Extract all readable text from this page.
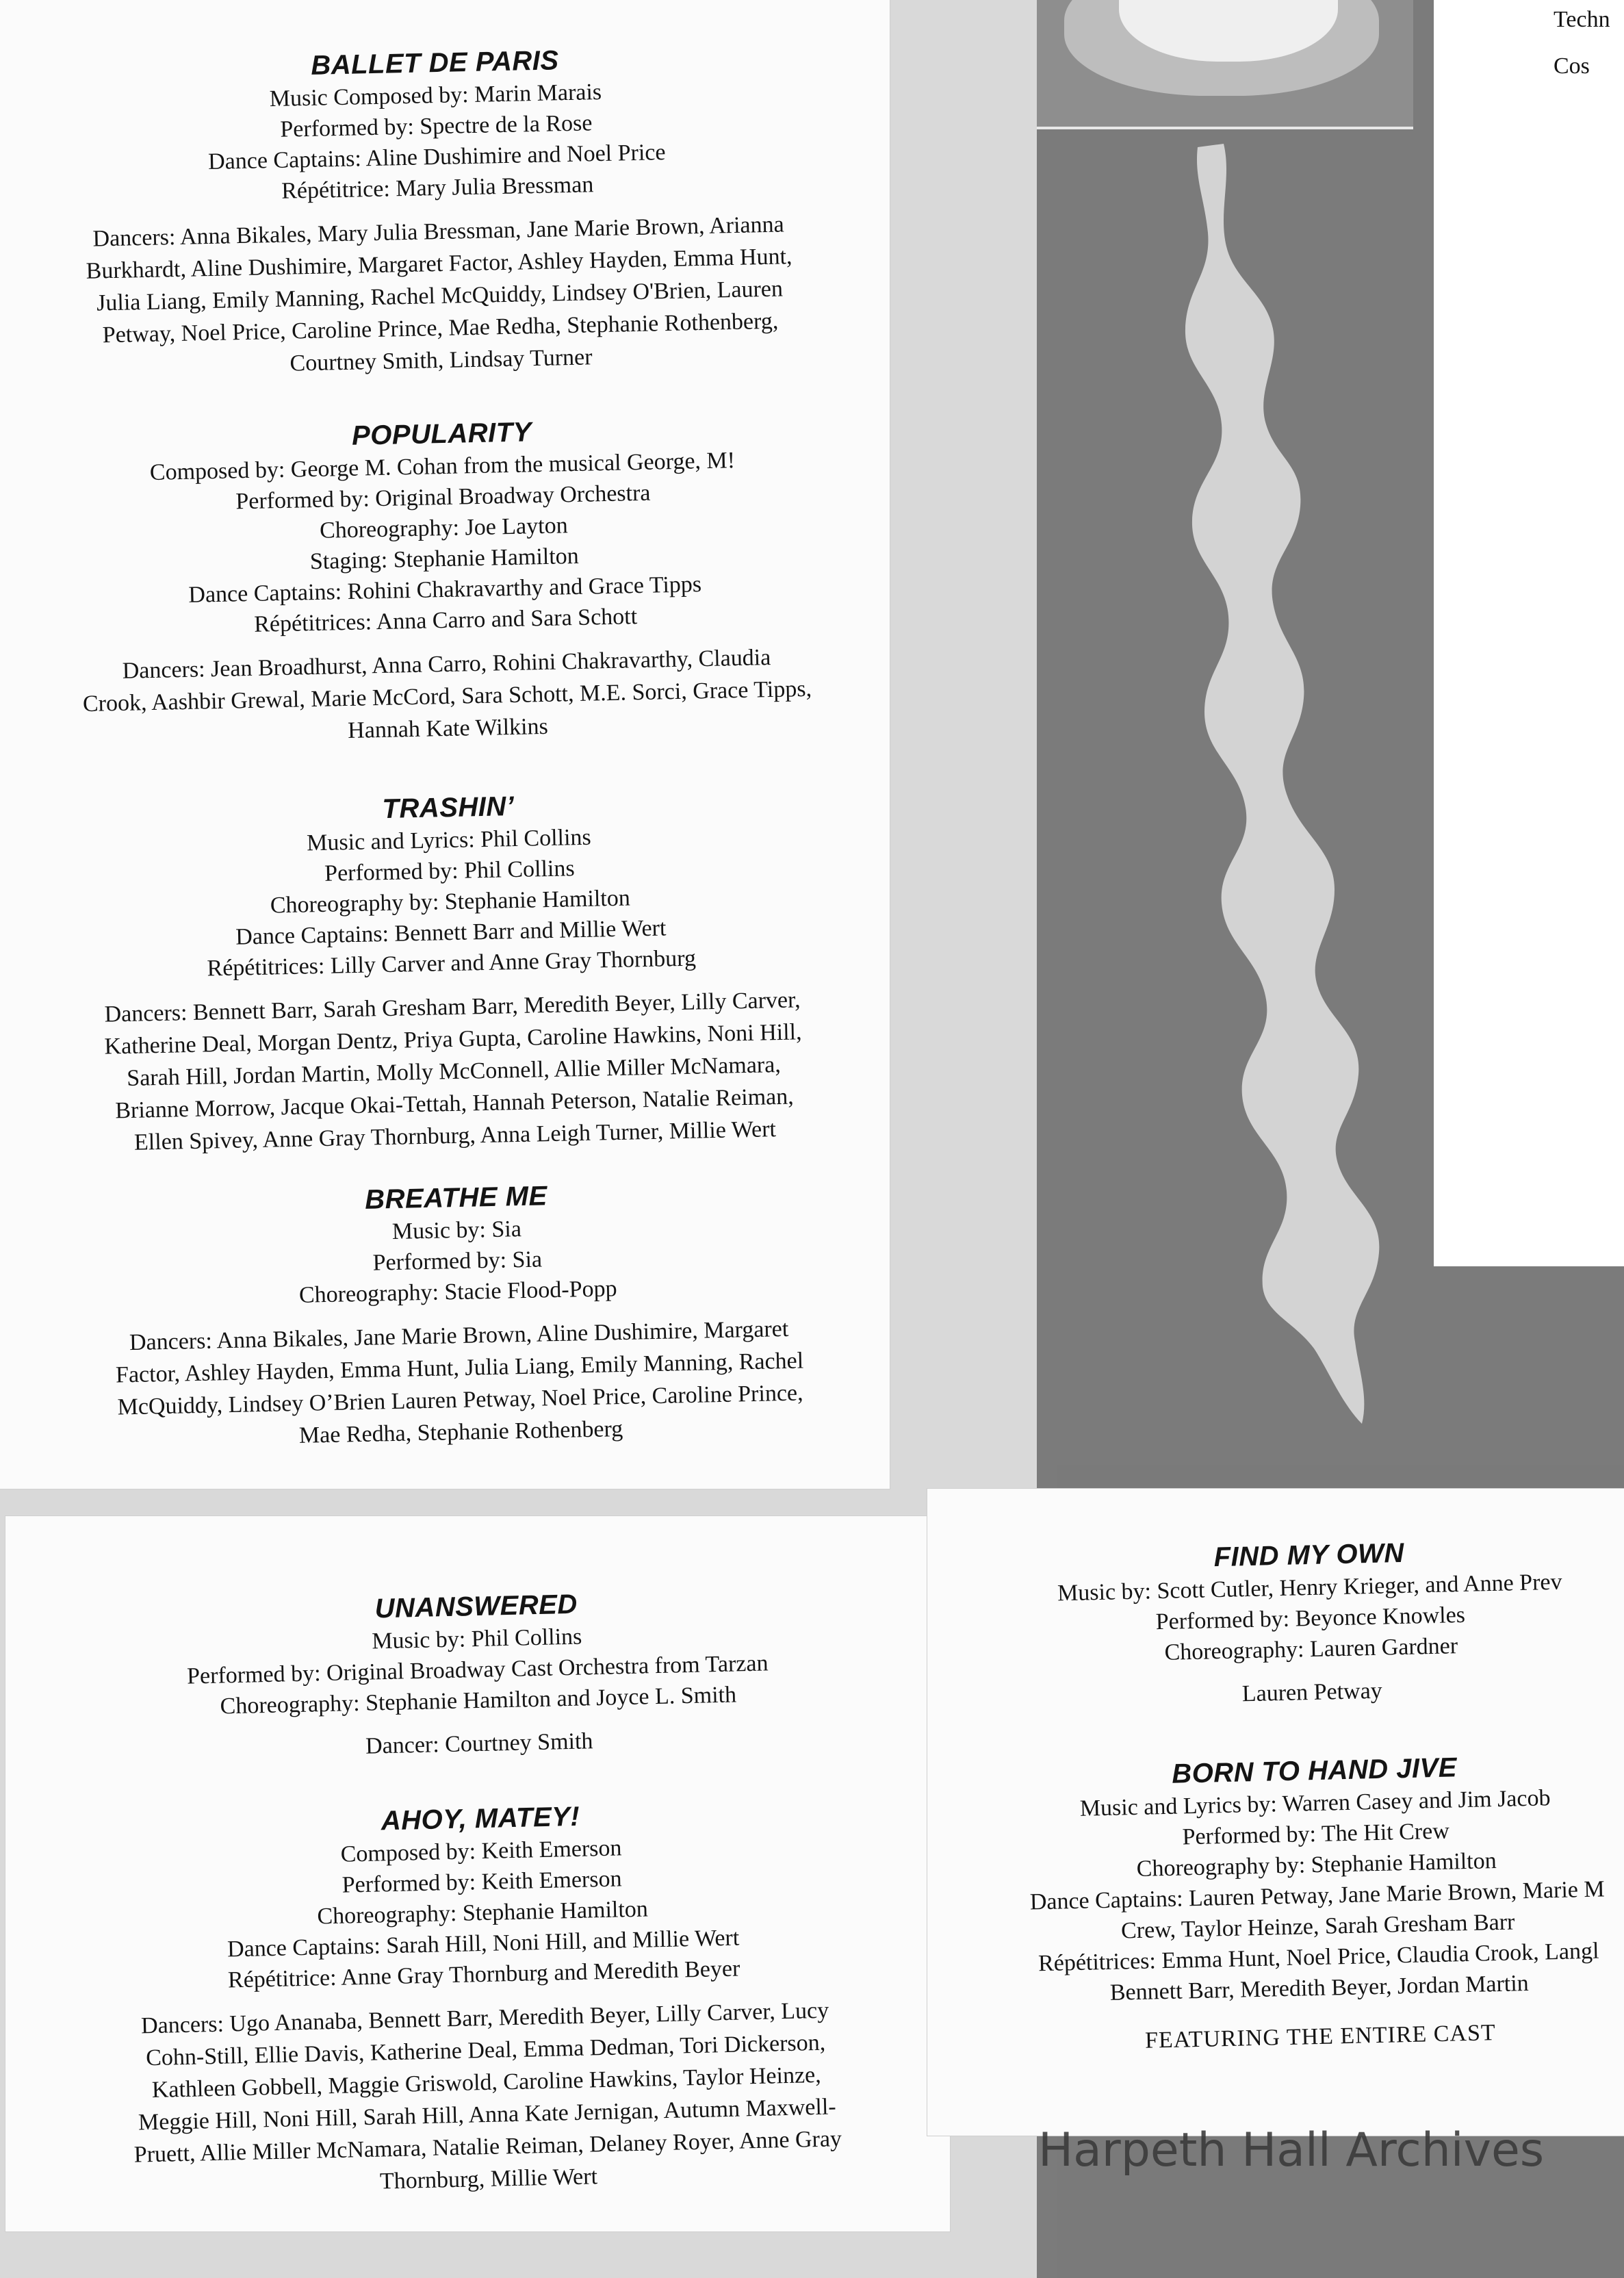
Techn
Cos
BALLET DE PARIS
Music Composed by: Marin Marais
Performed by: Spectre de la Rose
Dance Captains: Aline Dushimire and Noel Price
Répétitrice: Mary Julia Bressman
Dancers: Anna Bikales, Mary Julia Bressman, Jane Marie Brown, Arianna
Burkhardt, Aline Dushimire, Margaret Factor, Ashley Hayden, Emma Hunt,
Julia Liang, Emily Manning, Rachel McQuiddy, Lindsey O'Brien, Lauren
Petway, Noel Price, Caroline Prince, Mae Redha, Stephanie Rothenberg,
Courtney Smith, Lindsay Turner
POPULARITY
Composed by: George M. Cohan from the musical George, M!
Performed by: Original Broadway Orchestra
Choreography: Joe Layton
Staging: Stephanie Hamilton
Dance Captains: Rohini Chakravarthy and Grace Tipps
Répétitrices: Anna Carro and Sara Schott
Dancers: Jean Broadhurst, Anna Carro, Rohini Chakravarthy, Claudia
Crook, Aashbir Grewal, Marie McCord, Sara Schott, M.E. Sorci, Grace Tipps,
Hannah Kate Wilkins
TRASHIN’
Music and Lyrics: Phil Collins
Performed by: Phil Collins
Choreography by: Stephanie Hamilton
Dance Captains: Bennett Barr and Millie Wert
Répétitrices: Lilly Carver and Anne Gray Thornburg
Dancers: Bennett Barr, Sarah Gresham Barr, Meredith Beyer, Lilly Carver,
Katherine Deal, Morgan Dentz, Priya Gupta, Caroline Hawkins, Noni Hill,
Sarah Hill, Jordan Martin, Molly McConnell, Allie Miller McNamara,
Brianne Morrow, Jacque Okai-Tettah, Hannah Peterson, Natalie Reiman,
Ellen Spivey, Anne Gray Thornburg, Anna Leigh Turner, Millie Wert
BREATHE ME
Music by: Sia
Performed by: Sia
Choreography: Stacie Flood-Popp
Dancers: Anna Bikales, Jane Marie Brown, Aline Dushimire, Margaret
Factor, Ashley Hayden, Emma Hunt, Julia Liang, Emily Manning, Rachel
McQuiddy, Lindsey O’Brien Lauren Petway, Noel Price, Caroline Prince,
Mae Redha, Stephanie Rothenberg
UNANSWERED
Music by: Phil Collins
Performed by: Original Broadway Cast Orchestra from Tarzan
Choreography: Stephanie Hamilton and Joyce L. Smith
Dancer: Courtney Smith
AHOY, MATEY!
Composed by: Keith Emerson
Performed by: Keith Emerson
Choreography: Stephanie Hamilton
Dance Captains: Sarah Hill, Noni Hill, and Millie Wert
Répétitrice: Anne Gray Thornburg and Meredith Beyer
Dancers: Ugo Ananaba, Bennett Barr, Meredith Beyer, Lilly Carver, Lucy
Cohn-Still, Ellie Davis, Katherine Deal, Emma Dedman, Tori Dickerson,
Kathleen Gobbell, Maggie Griswold, Caroline Hawkins, Taylor Heinze,
Meggie Hill, Noni Hill, Sarah Hill, Anna Kate Jernigan, Autumn Maxwell-
Pruett, Allie Miller McNamara, Natalie Reiman, Delaney Royer, Anne Gray
Thornburg, Millie Wert
FIND MY OWN
Music by: Scott Cutler, Henry Krieger, and Anne Prev
Performed by: Beyonce Knowles
Choreography: Lauren Gardner
Lauren Petway
BORN TO HAND JIVE
Music and Lyrics by: Warren Casey and Jim Jacob
Performed by: The Hit Crew
Choreography by: Stephanie Hamilton
Dance Captains: Lauren Petway, Jane Marie Brown, Marie M
Crew, Taylor Heinze, Sarah Gresham Barr
Répétitrices: Emma Hunt, Noel Price, Claudia Crook, Langl
Bennett Barr, Meredith Beyer, Jordan Martin
FEATURING THE ENTIRE CAST
Harpeth Hall Archives
